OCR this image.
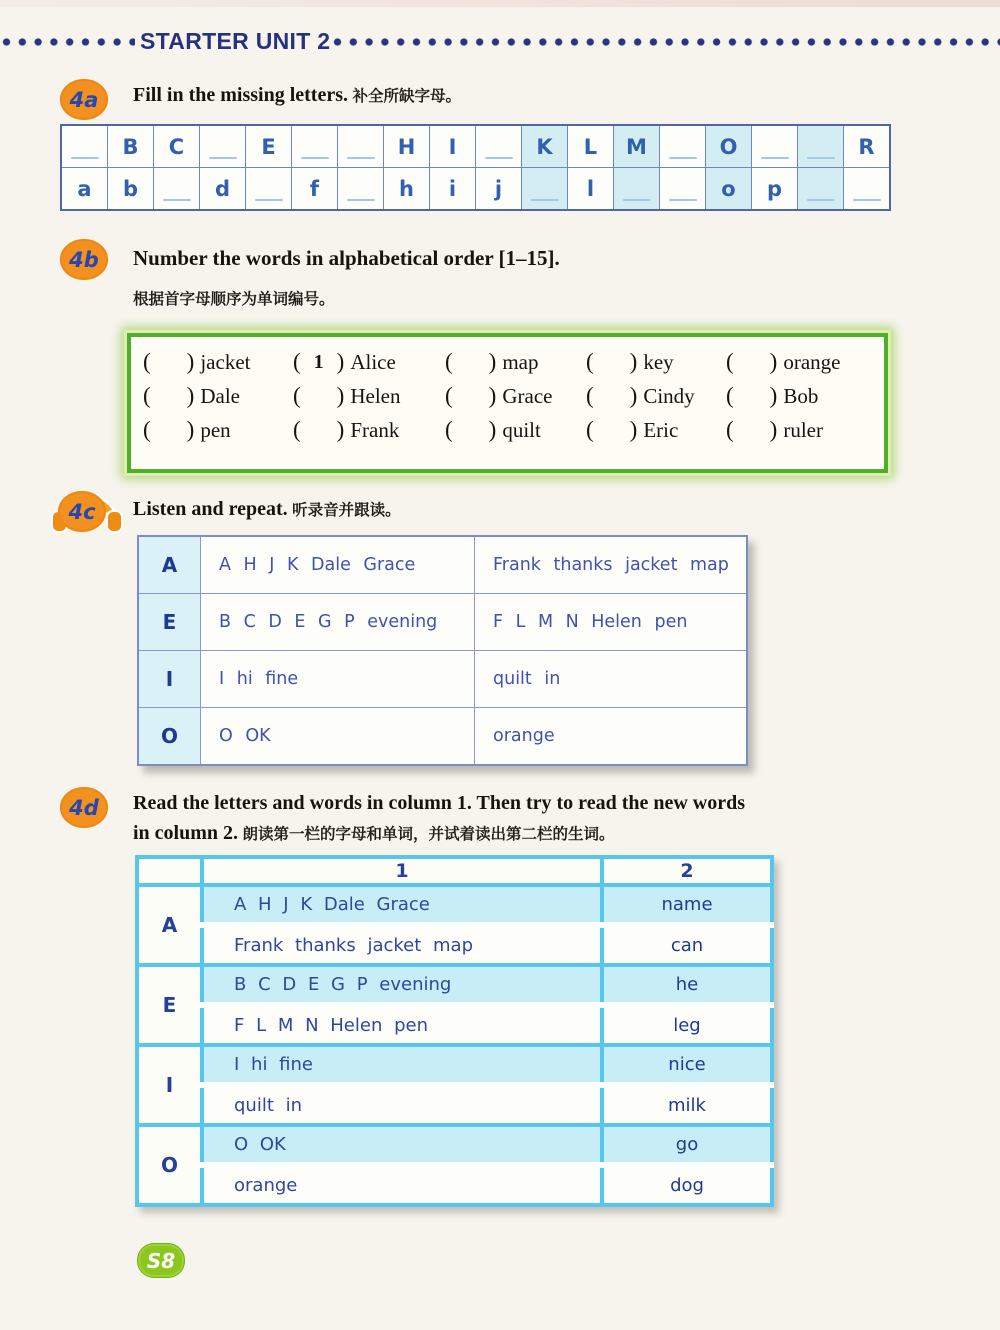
STARTER UNIT 2
4a	Fill in the missing letters. 补全所缺字母。
	B	C		E			H	I		K	L	M		O			R
a	b		d		f		h	i	j		l			o	p	

4b	Number the words in alphabetical order [1–15].
根据首字母顺序为单词编号。
( ) jacket ( 1 ) Alice ( ) map ( ) key ( ) orange
( ) Dale ( ) Helen ( ) Grace ( ) Cindy ( ) Bob
( ) pen	( ) Frank ( ) quilt ( ) Eric ( ) ruler
4c	Listen and repeat. 听录音并跟读。
A	A H J K Dale Grace	Frank thanks jacket map
E	B C D E G P evening	F L M N Helen pen
I	I hi fine	quilt in
O	O OK	orange
4d	Read the letters and words in column 1. Then try to read the new words
in column 2. 朗读第一栏的字母和单词，并试着读出第二栏的生词。
	1	2
A	A H J K Dale Grace	name
	Frank thanks jacket map	can
E	B C D E G P evening	he
	F L M N Helen pen	leg
I	I hi fine	nice
	quilt in	milk
O	O OK	go
	orange	dog
S8
